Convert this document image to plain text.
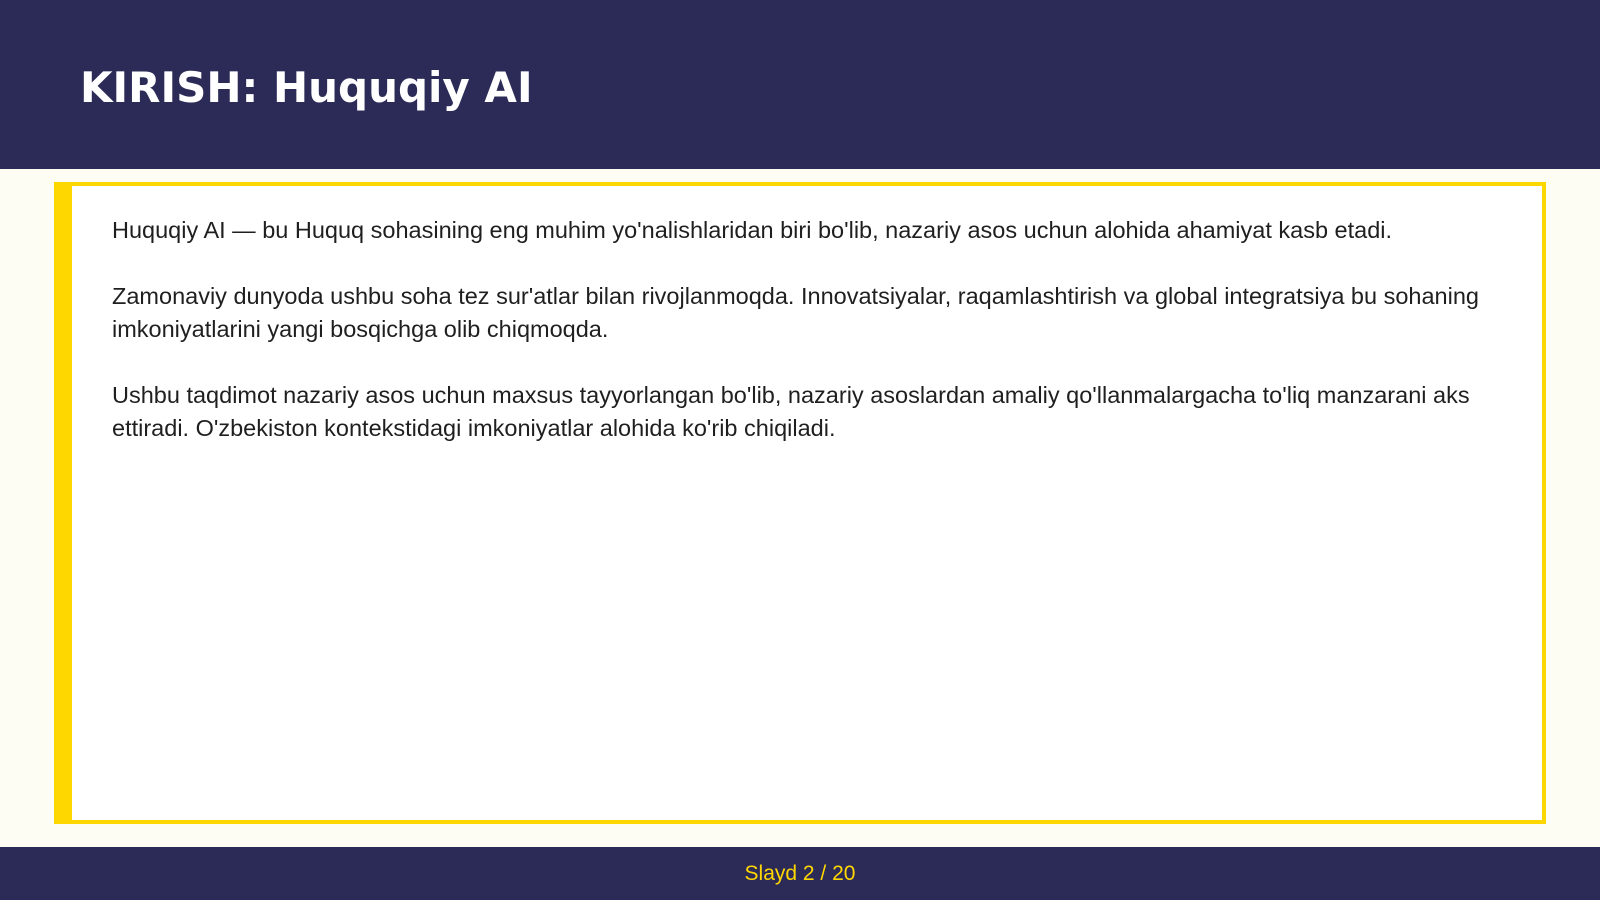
KIRISH: Huquqiy AI

Huquqiy AI — bu Huquq sohasining eng muhim yo'nalishlaridan biri bo'lib, nazariy asos uchun alohida ahamiyat kasb etadi.

Zamonaviy dunyoda ushbu soha tez sur'atlar bilan rivojlanmoqda. Innovatsiyalar, raqamlashtirish va global integratsiya bu sohaning imkoniyatlarini yangi bosqichga olib chiqmoqda.

Ushbu taqdimot nazariy asos uchun maxsus tayyorlangan bo'lib, nazariy asoslardan amaliy qo'llanmalargacha to'liq manzarani aks ettiradi. O'zbekiston kontekstidagi imkoniyatlar alohida ko'rib chiqiladi.

Slayd 2 / 20
